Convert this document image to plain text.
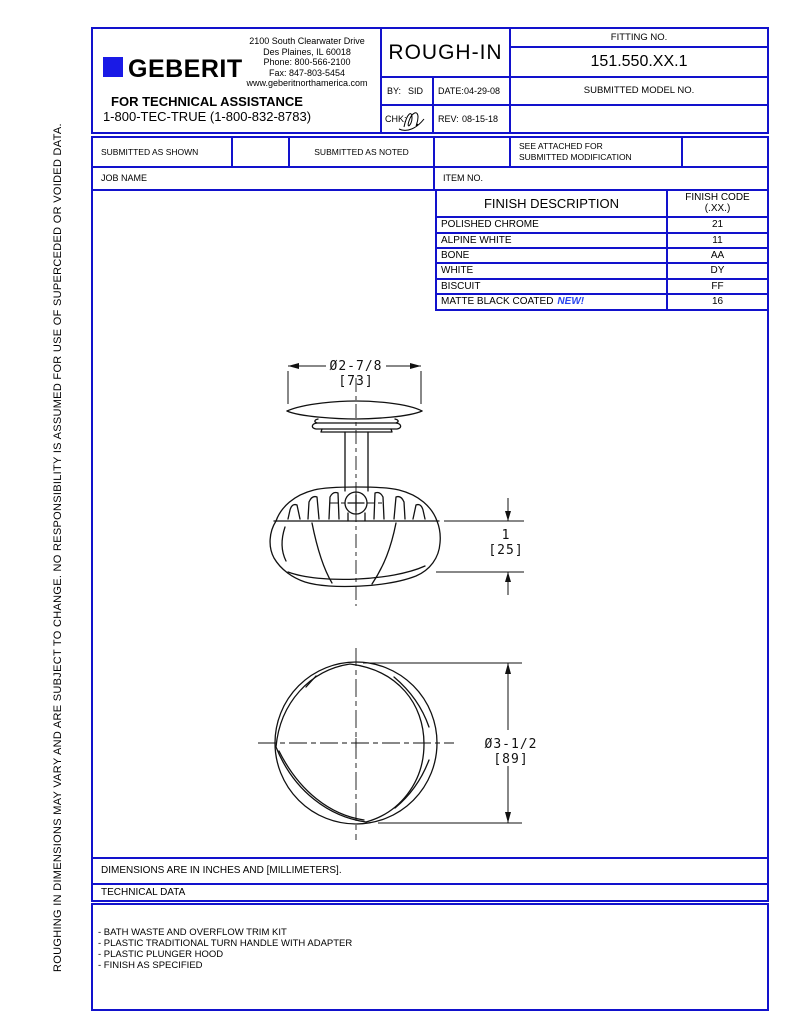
Ø2-7/8
[73]
1
[25]
Ø3-1/2
[89]
ROUGHING IN DIMENSIONS MAY VARY AND ARE SUBJECT TO CHANGE. NO RESPONSIBILITY IS ASSUMED FOR USE OF SUPERCEDED OR VOIDED DATA.
GEBERIT
2100 South Clearwater Drive
Des Plaines, IL 60018
Phone: 800-566-2100
Fax: 847-803-5454
www.geberitnorthamerica.com
FOR TECHNICAL ASSISTANCE
1-800-TEC-TRUE (1-800-832-8783)
ROUGH-IN
BY: SID DATE: 04-29-08
CHK:	REV: 08-15-18
FITTING NO.
151.550.XX.1
SUBMITTED MODEL NO.
SUBMITTED AS SHOWN	SUBMITTED AS NOTED
SEE ATTACHED FOR
SUBMITTED MODIFICATION
JOB NAME	ITEM NO.
FINISH DESCRIPTION	FINISH CODE
(.XX.)
POLISHED CHROME	21
ALPINE WHITE	11
BONE	AA
WHITE	DY
BISCUIT	FF
MATTE BLACK COATED NEW!	16
DIMENSIONS ARE IN INCHES AND [MILLIMETERS].
TECHNICAL DATA
- BATH WASTE AND OVERFLOW TRIM KIT
- PLASTIC TRADITIONAL TURN HANDLE WITH ADAPTER
- PLASTIC PLUNGER HOOD
- FINISH AS SPECIFIED
